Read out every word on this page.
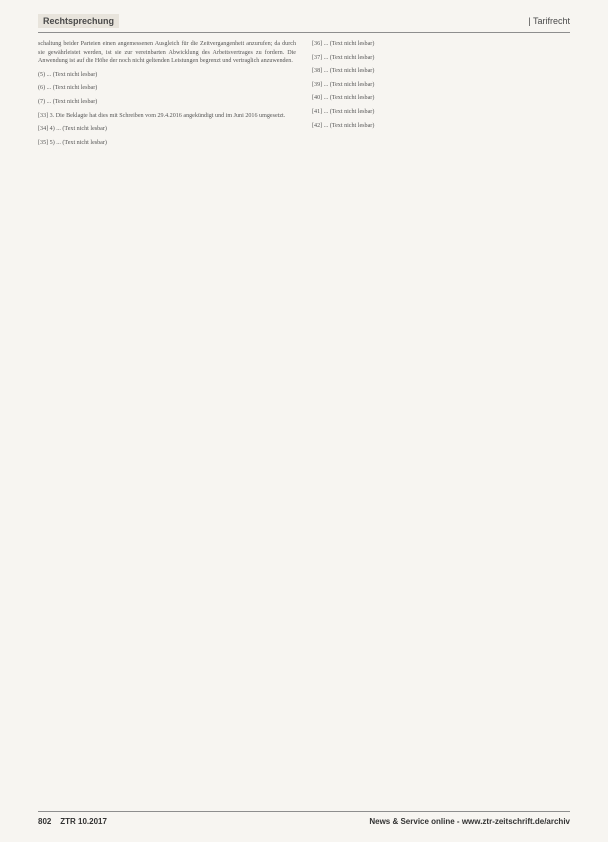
Rechtsprechung	| Tarifrecht

schaltung beider Parteien einen angemessenen Ausgleich für die Zeitvergangenheit anzurufen; da durch sie gewährleistet werden, ist sie zur vereinbarten Abwicklung des Arbeitsvertrages zu fordern. Die Anwendung ist auf die Höhe der noch nicht geltenden Leistungen begrenzt und vertraglich anzuwenden.

(5) ... (Text nicht lesbar)

(6) ... (Text nicht lesbar)

(7) ... (Text nicht lesbar)

[33] 3. Die Beklagte hat dies mit Schreiben vom 29.4.2016 angekündigt und im Juni 2016 umgesetzt.

[34] 4) ... (Text nicht lesbar)

[35] 5) ... (Text nicht lesbar)

[36] ... (Text nicht lesbar)

[37] ... (Text nicht lesbar)

[38] ... (Text nicht lesbar)

[39] ... (Text nicht lesbar)

[40] ... (Text nicht lesbar)

[41] ... (Text nicht lesbar)

[42] ... (Text nicht lesbar)

802 ZTR 10.2017	News & Service online - www.ztr-zeitschrift.de/archiv
